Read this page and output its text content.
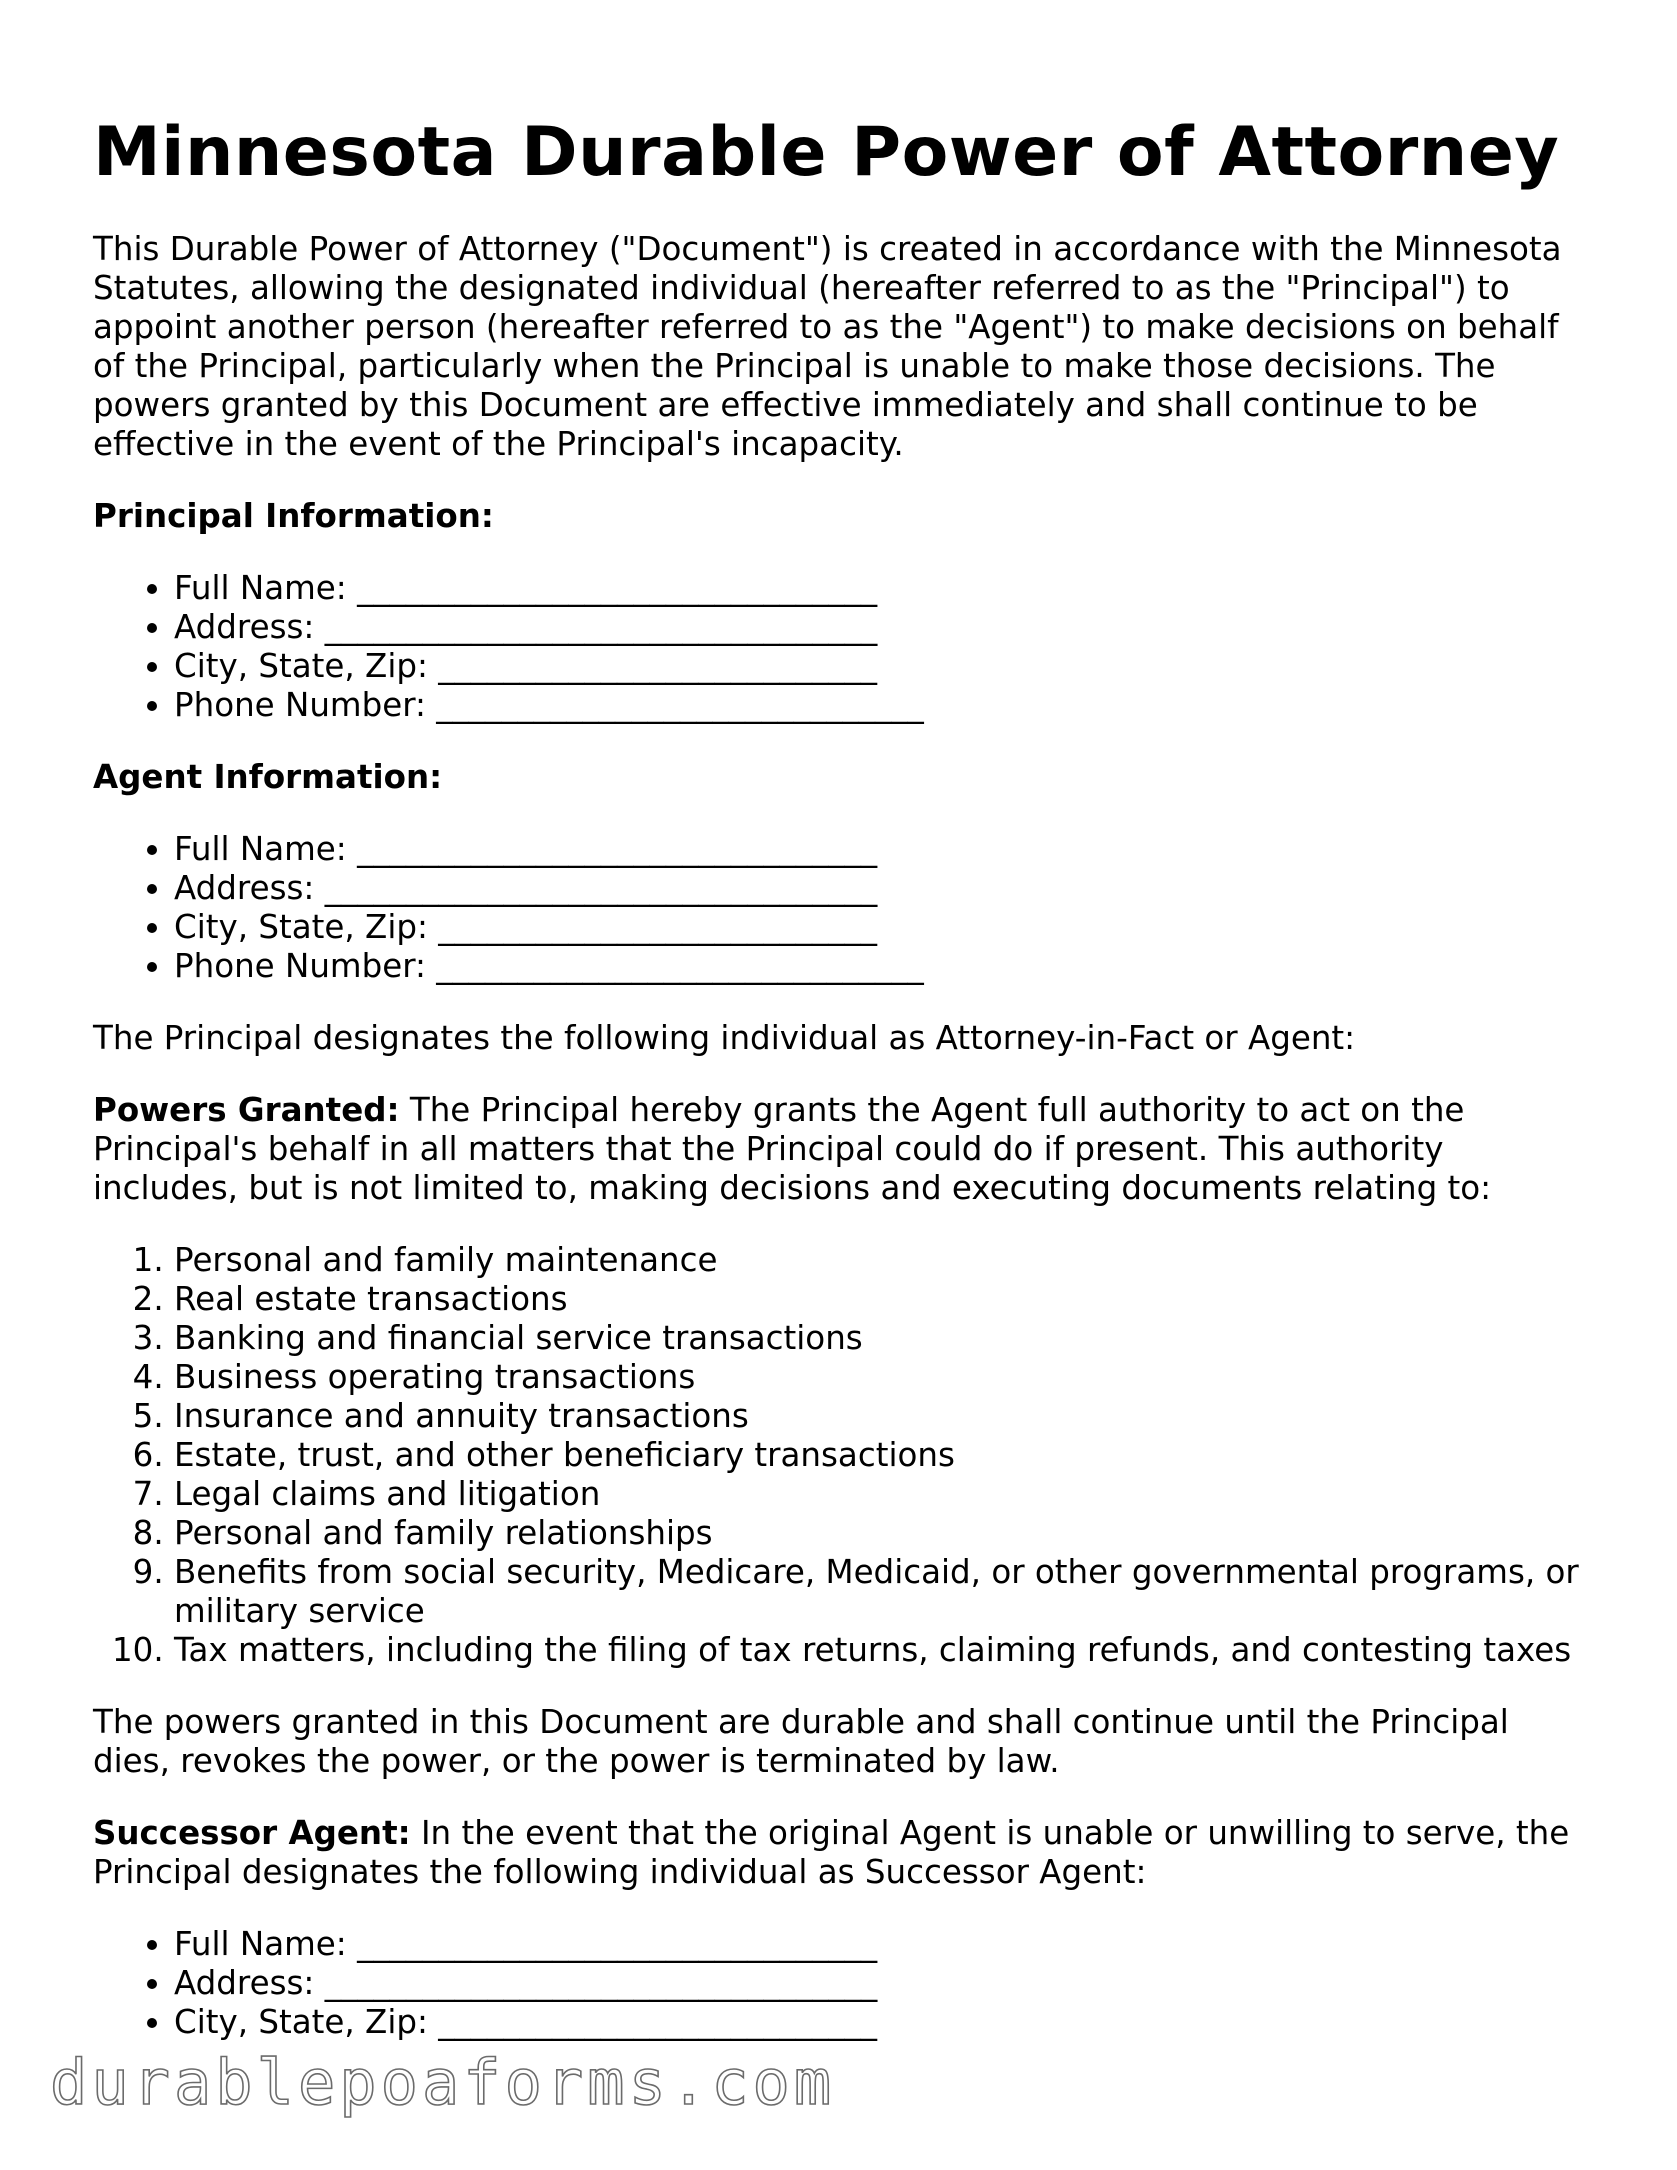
Minnesota Durable Power of Attorney

This Durable Power of Attorney ("Document") is created in accordance with the Minnesota Statutes, allowing the designated individual (hereafter referred to as the "Principal") to appoint another person (hereafter referred to as the "Agent") to make decisions on behalf of the Principal, particularly when the Principal is unable to make those decisions. The powers granted by this Document are effective immediately and shall continue to be effective in the event of the Principal's incapacity.

Principal Information:
• Full Name: ________________________________
• Address: __________________________________
• City, State, Zip: ___________________________
• Phone Number: ______________________________
Agent Information:
• Full Name: ________________________________
• Address: __________________________________
• City, State, Zip: ___________________________
• Phone Number: ______________________________

The Principal designates the following individual as Attorney-in-Fact or Agent:

Powers Granted: The Principal hereby grants the Agent full authority to act on the Principal's behalf in all matters that the Principal could do if present. This authority includes, but is not limited to, making decisions and executing documents relating to:

1. Personal and family maintenance
2. Real estate transactions
3. Banking and financial service transactions
4. Business operating transactions
5. Insurance and annuity transactions
6. Estate, trust, and other beneficiary transactions
7. Legal claims and litigation
8. Personal and family relationships
9. Benefits from social security, Medicare, Medicaid, or other governmental programs, or military service
10. Tax matters, including the filing of tax returns, claiming refunds, and contesting taxes

The powers granted in this Document are durable and shall continue until the Principal dies, revokes the power, or the power is terminated by law.

Successor Agent: In the event that the original Agent is unable or unwilling to serve, the Principal designates the following individual as Successor Agent:

• Full Name: ________________________________
• Address: __________________________________
• City, State, Zip: ___________________________
durablepoaforms.com
